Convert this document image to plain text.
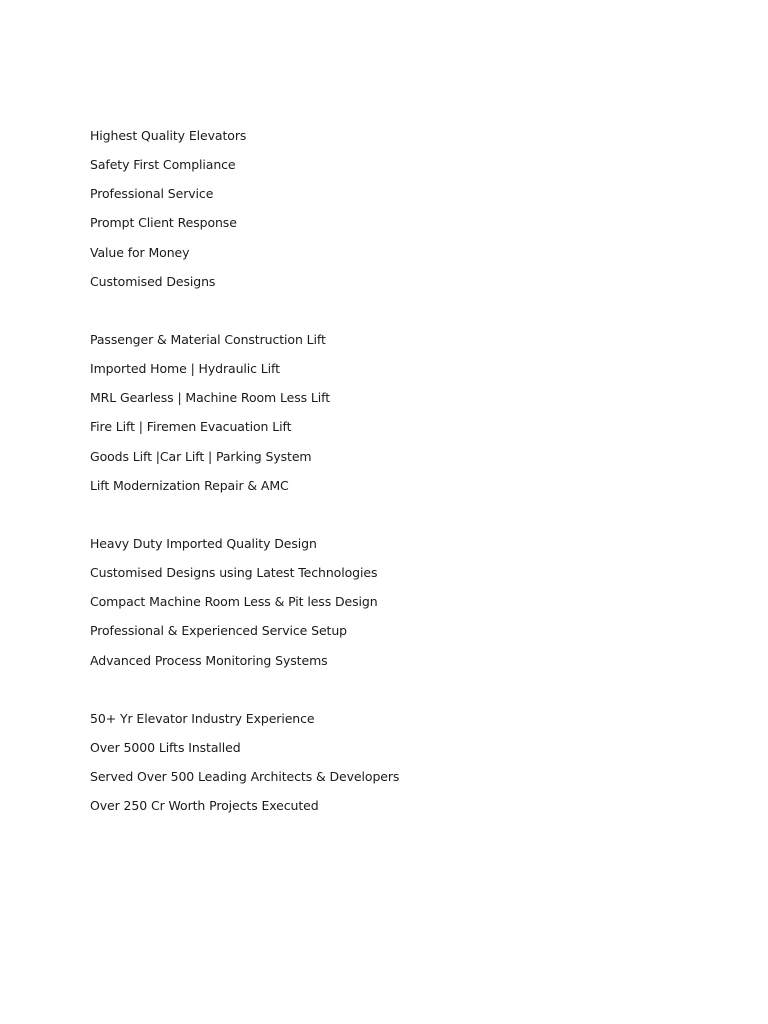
Highest Quality Elevators
Safety First Compliance
Professional Service
Prompt Client Response
Value for Money
Customised Designs
Passenger & Material Construction Lift
Imported Home | Hydraulic Lift
MRL Gearless | Machine Room Less Lift
Fire Lift | Firemen Evacuation Lift
Goods Lift |Car Lift | Parking System
Lift Modernization Repair & AMC
Heavy Duty Imported Quality Design
Customised Designs using Latest Technologies
Compact Machine Room Less & Pit less Design
Professional & Experienced Service Setup
Advanced Process Monitoring Systems
50+ Yr Elevator Industry Experience
Over 5000 Lifts Installed
Served Over 500 Leading Architects & Developers
Over 250 Cr Worth Projects Executed
